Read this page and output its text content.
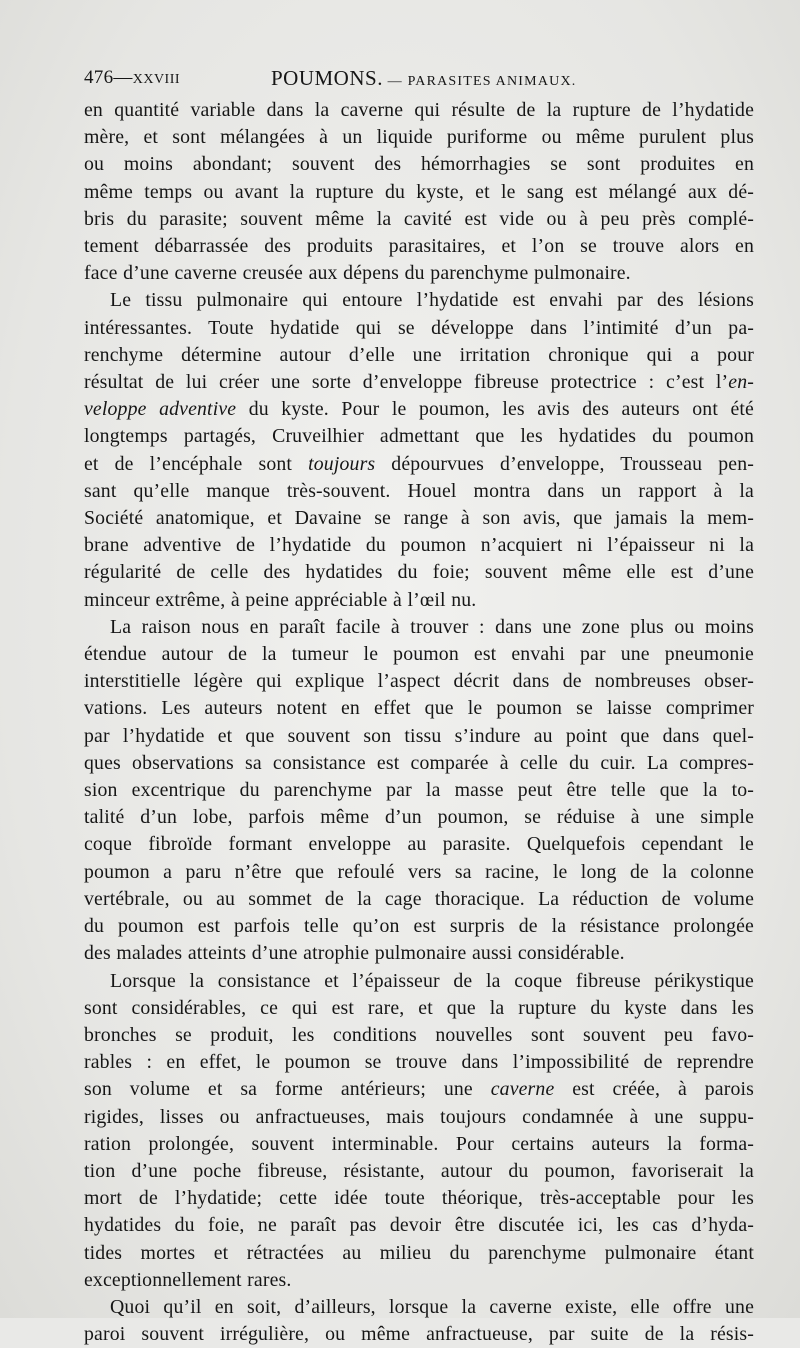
476—XXVIII	POUMONS. — PARASITES ANIMAUX.

en quantité variable dans la caverne qui résulte de la rupture de l’hydatide

mère, et sont mélangées à un liquide puriforme ou même purulent plus

ou moins abondant; souvent des hémorrhagies se sont produites en

même temps ou avant la rupture du kyste, et le sang est mélangé aux dé-

bris du parasite; souvent même la cavité est vide ou à peu près complé-

tement débarrassée des produits parasitaires, et l’on se trouve alors en

face d’une caverne creusée aux dépens du parenchyme pulmonaire.

Le tissu pulmonaire qui entoure l’hydatide est envahi par des lésions

intéressantes. Toute hydatide qui se développe dans l’intimité d’un pa-

renchyme détermine autour d’elle une irritation chronique qui a pour

résultat de lui créer une sorte d’enveloppe fibreuse protectrice : c’est l’en-

veloppe adventive du kyste. Pour le poumon, les avis des auteurs ont été

longtemps partagés, Cruveilhier admettant que les hydatides du poumon

et de l’encéphale sont toujours dépourvues d’enveloppe, Trousseau pen-

sant qu’elle manque très-souvent. Houel montra dans un rapport à la

Société anatomique, et Davaine se range à son avis, que jamais la mem-

brane adventive de l’hydatide du poumon n’acquiert ni l’épaisseur ni la

régularité de celle des hydatides du foie; souvent même elle est d’une

minceur extrême, à peine appréciable à l’œil nu.

La raison nous en paraît facile à trouver : dans une zone plus ou moins

étendue autour de la tumeur le poumon est envahi par une pneumonie

interstitielle légère qui explique l’aspect décrit dans de nombreuses obser-

vations. Les auteurs notent en effet que le poumon se laisse comprimer

par l’hydatide et que souvent son tissu s’indure au point que dans quel-

ques observations sa consistance est comparée à celle du cuir. La compres-

sion excentrique du parenchyme par la masse peut être telle que la to-

talité d’un lobe, parfois même d’un poumon, se réduise à une simple

coque fibroïde formant enveloppe au parasite. Quelquefois cependant le

poumon a paru n’être que refoulé vers sa racine, le long de la colonne

vertébrale, ou au sommet de la cage thoracique. La réduction de volume

du poumon est parfois telle qu’on est surpris de la résistance prolongée

des malades atteints d’une atrophie pulmonaire aussi considérable.

Lorsque la consistance et l’épaisseur de la coque fibreuse périkystique

sont considérables, ce qui est rare, et que la rupture du kyste dans les

bronches se produit, les conditions nouvelles sont souvent peu favo-

rables : en effet, le poumon se trouve dans l’impossibilité de reprendre

son volume et sa forme antérieurs; une caverne est créée, à parois

rigides, lisses ou anfractueuses, mais toujours condamnée à une suppu-

ration prolongée, souvent interminable. Pour certains auteurs la forma-

tion d’une poche fibreuse, résistante, autour du poumon, favoriserait la

mort de l’hydatide; cette idée toute théorique, très-acceptable pour les

hydatides du foie, ne paraît pas devoir être discutée ici, les cas d’hyda-

tides mortes et rétractées au milieu du parenchyme pulmonaire étant

exceptionnellement rares.

Quoi qu’il en soit, d’ailleurs, lorsque la caverne existe, elle offre une

paroi souvent irrégulière, ou même anfractueuse, par suite de la résis-
